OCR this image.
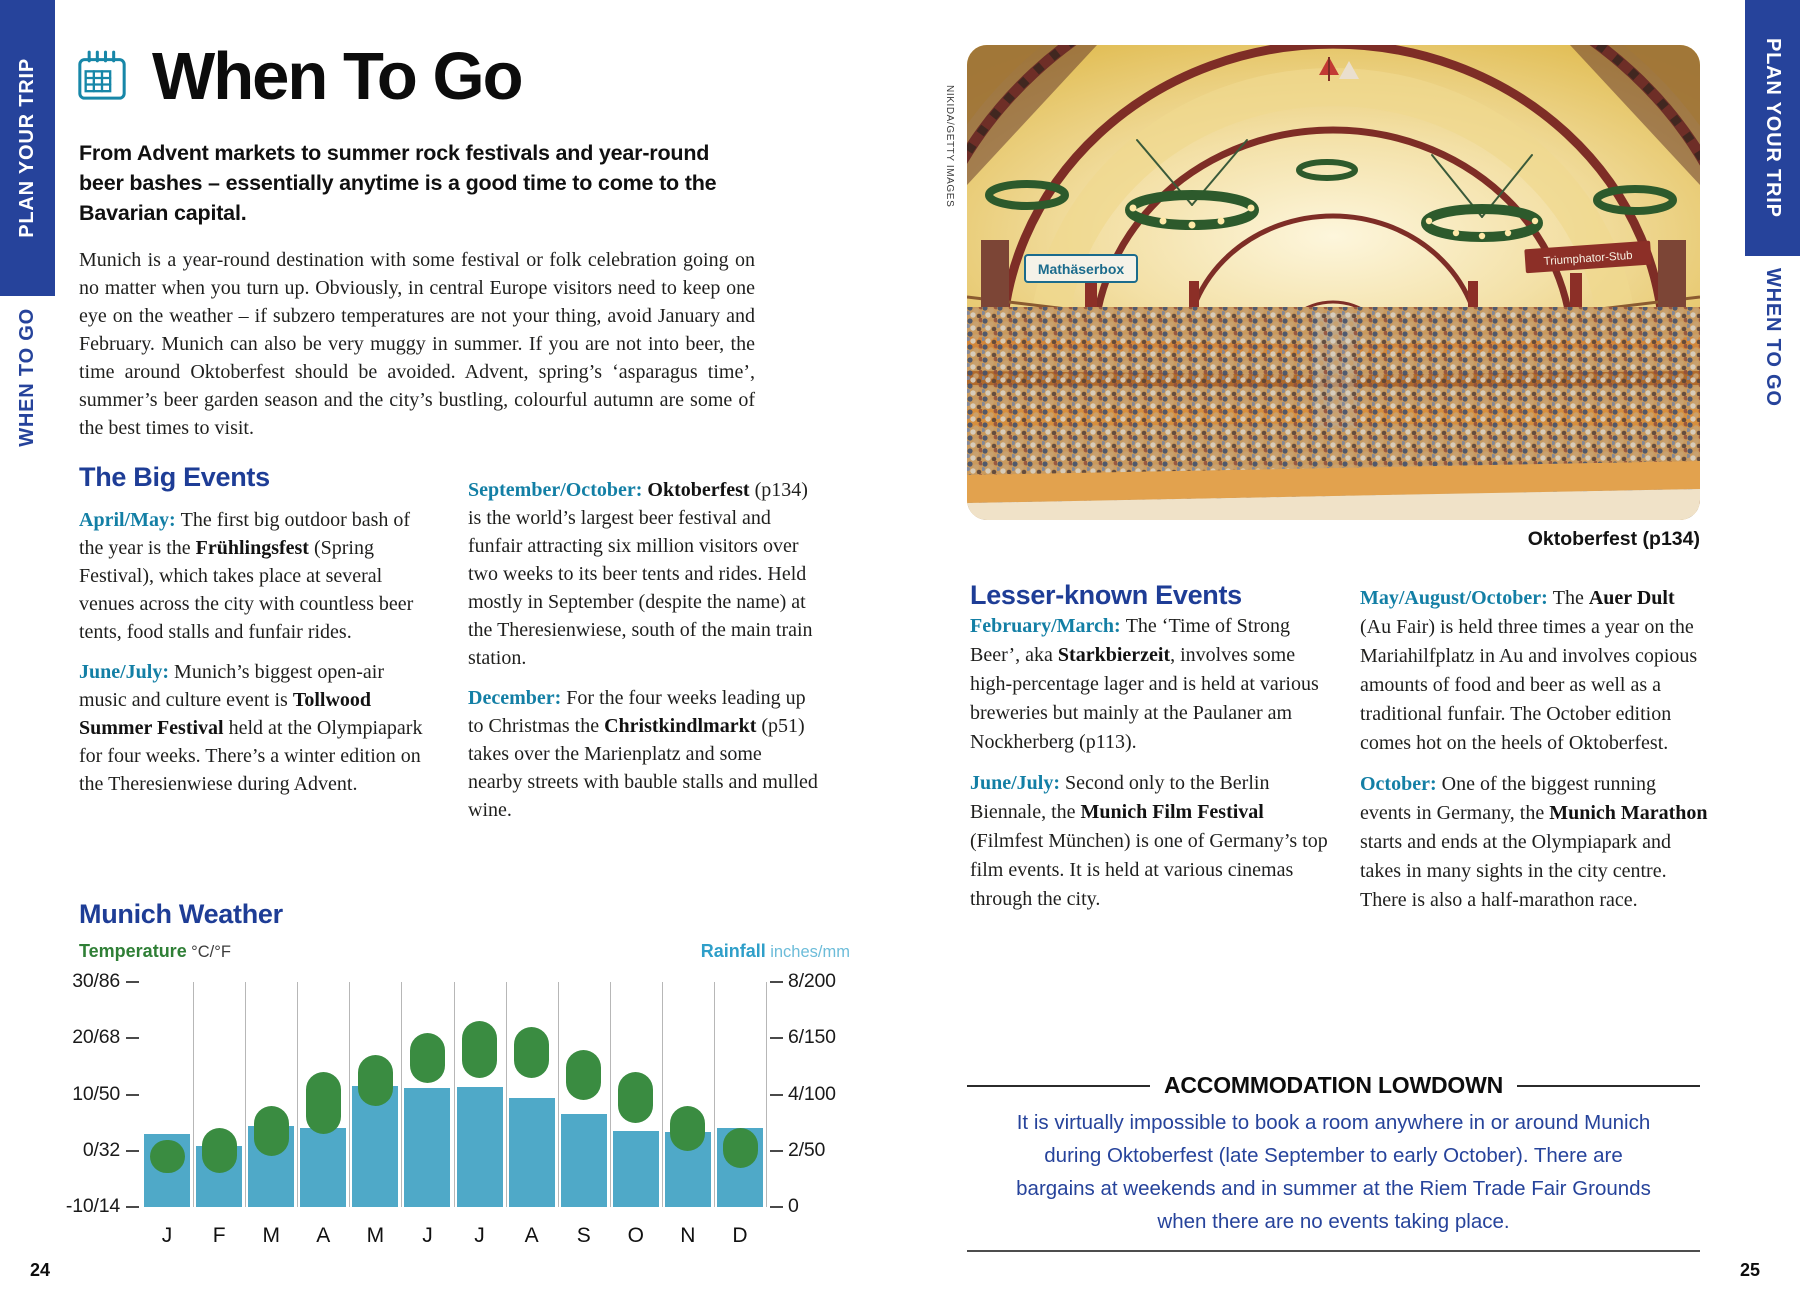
PLAN YOUR TRIP
WHEN TO GO
PLAN YOUR TRIP
WHEN TO GO
When To Go

From Advent markets to summer rock festivals and year-round beer bashes – essentially anytime is a good time to come to the Bavarian capital.

Munich is a year-round destination with some festival or folk celebration going on no matter when you turn up. Obviously, in central Europe visitors need to keep one eye on the weather – if subzero temperatures are not your thing, avoid January and February. Munich can also be very muggy in summer. If you are not into beer, the time around Oktoberfest should be avoided. Advent, spring’s ‘asparagus time’, summer’s beer garden season and the city’s bustling, colourful autumn are some of the best times to visit.

The Big Events

April/May: The first big outdoor bash of the year is the Frühlingsfest (Spring Festival), which takes place at several venues across the city with countless beer tents, food stalls and funfair rides.

June/July: Munich’s biggest open-air music and culture event is Tollwood Summer Festival held at the Olympiapark for four weeks. There’s a winter edition on the Theresienwiese during Advent.

September/October: Oktoberfest (p134) is the world’s largest beer festival and funfair attracting six million visitors over two weeks to its beer tents and rides. Held mostly in September (despite the name) at the Theresienwiese, south of the main train station.

December: For the four weeks leading up to Christmas the Christkindlmarkt (p51) takes over the Marienplatz and some nearby streets with bauble stalls and mulled wine.

Munich Weather
Temperature °C/°F	Rainfall inches/mm
30/86
20/68
10/50
0/32
-10/14
8/200
6/150
4/100
2/50
0
J	F	M	A	M	J	J	A	S	O	N	D
NIKIDA/GETTY IMAGES
Mathäserbox
Triumphator-Stub
Oktoberfest (p134)
Lesser-known Events

February/March: The ‘Time of Strong Beer’, aka Starkbierzeit, involves some high-percentage lager and is held at various breweries but mainly at the Paulaner am Nockherberg (p113).

June/July: Second only to the Berlin Biennale, the Munich Film Festival (Filmfest München) is one of Germany’s top film events. It is held at various cinemas through the city.

May/August/October: The Auer Dult (Au Fair) is held three times a year on the Mariahilfplatz in Au and involves copious amounts of food and beer as well as a traditional funfair. The October edition comes hot on the heels of Oktoberfest.

October: One of the biggest running events in Germany, the Munich Marathon starts and ends at the Olympiapark and takes in many sights in the city centre. There is also a half-marathon race.

ACCOMMODATION LOWDOWN
It is virtually impossible to book a room anywhere in or around Munich during Oktoberfest (late September to early October). There are bargains at weekends and in summer at the Riem Trade Fair Grounds when there are no events taking place.
24	25
